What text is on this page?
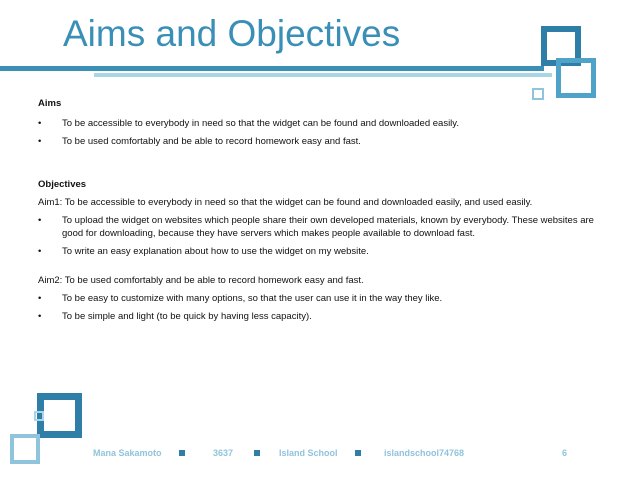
Aims and Objectives
Aims
•	To be accessible to everybody in need so that the widget can be found and downloaded easily.
•	To be used comfortably and be able to record homework easy and fast.
Objectives
Aim1: To be accessible to everybody in need so that the widget can be found and downloaded easily, and used easily.
•	To upload the widget on websites which people share their own developed materials, known by everybody. These websites are good for downloading, because they have servers which makes people available to download fast.
•	To write an easy explanation about how to use the widget on my website.
Aim2: To be used comfortably and be able to record homework easy and fast.
•	To be easy to customize with many options, so that the user can use it in the way they like.
•	To be simple and light (to be quick by having less capacity).
Mana Sakamoto	3637	Island School	islandschool74768	6
